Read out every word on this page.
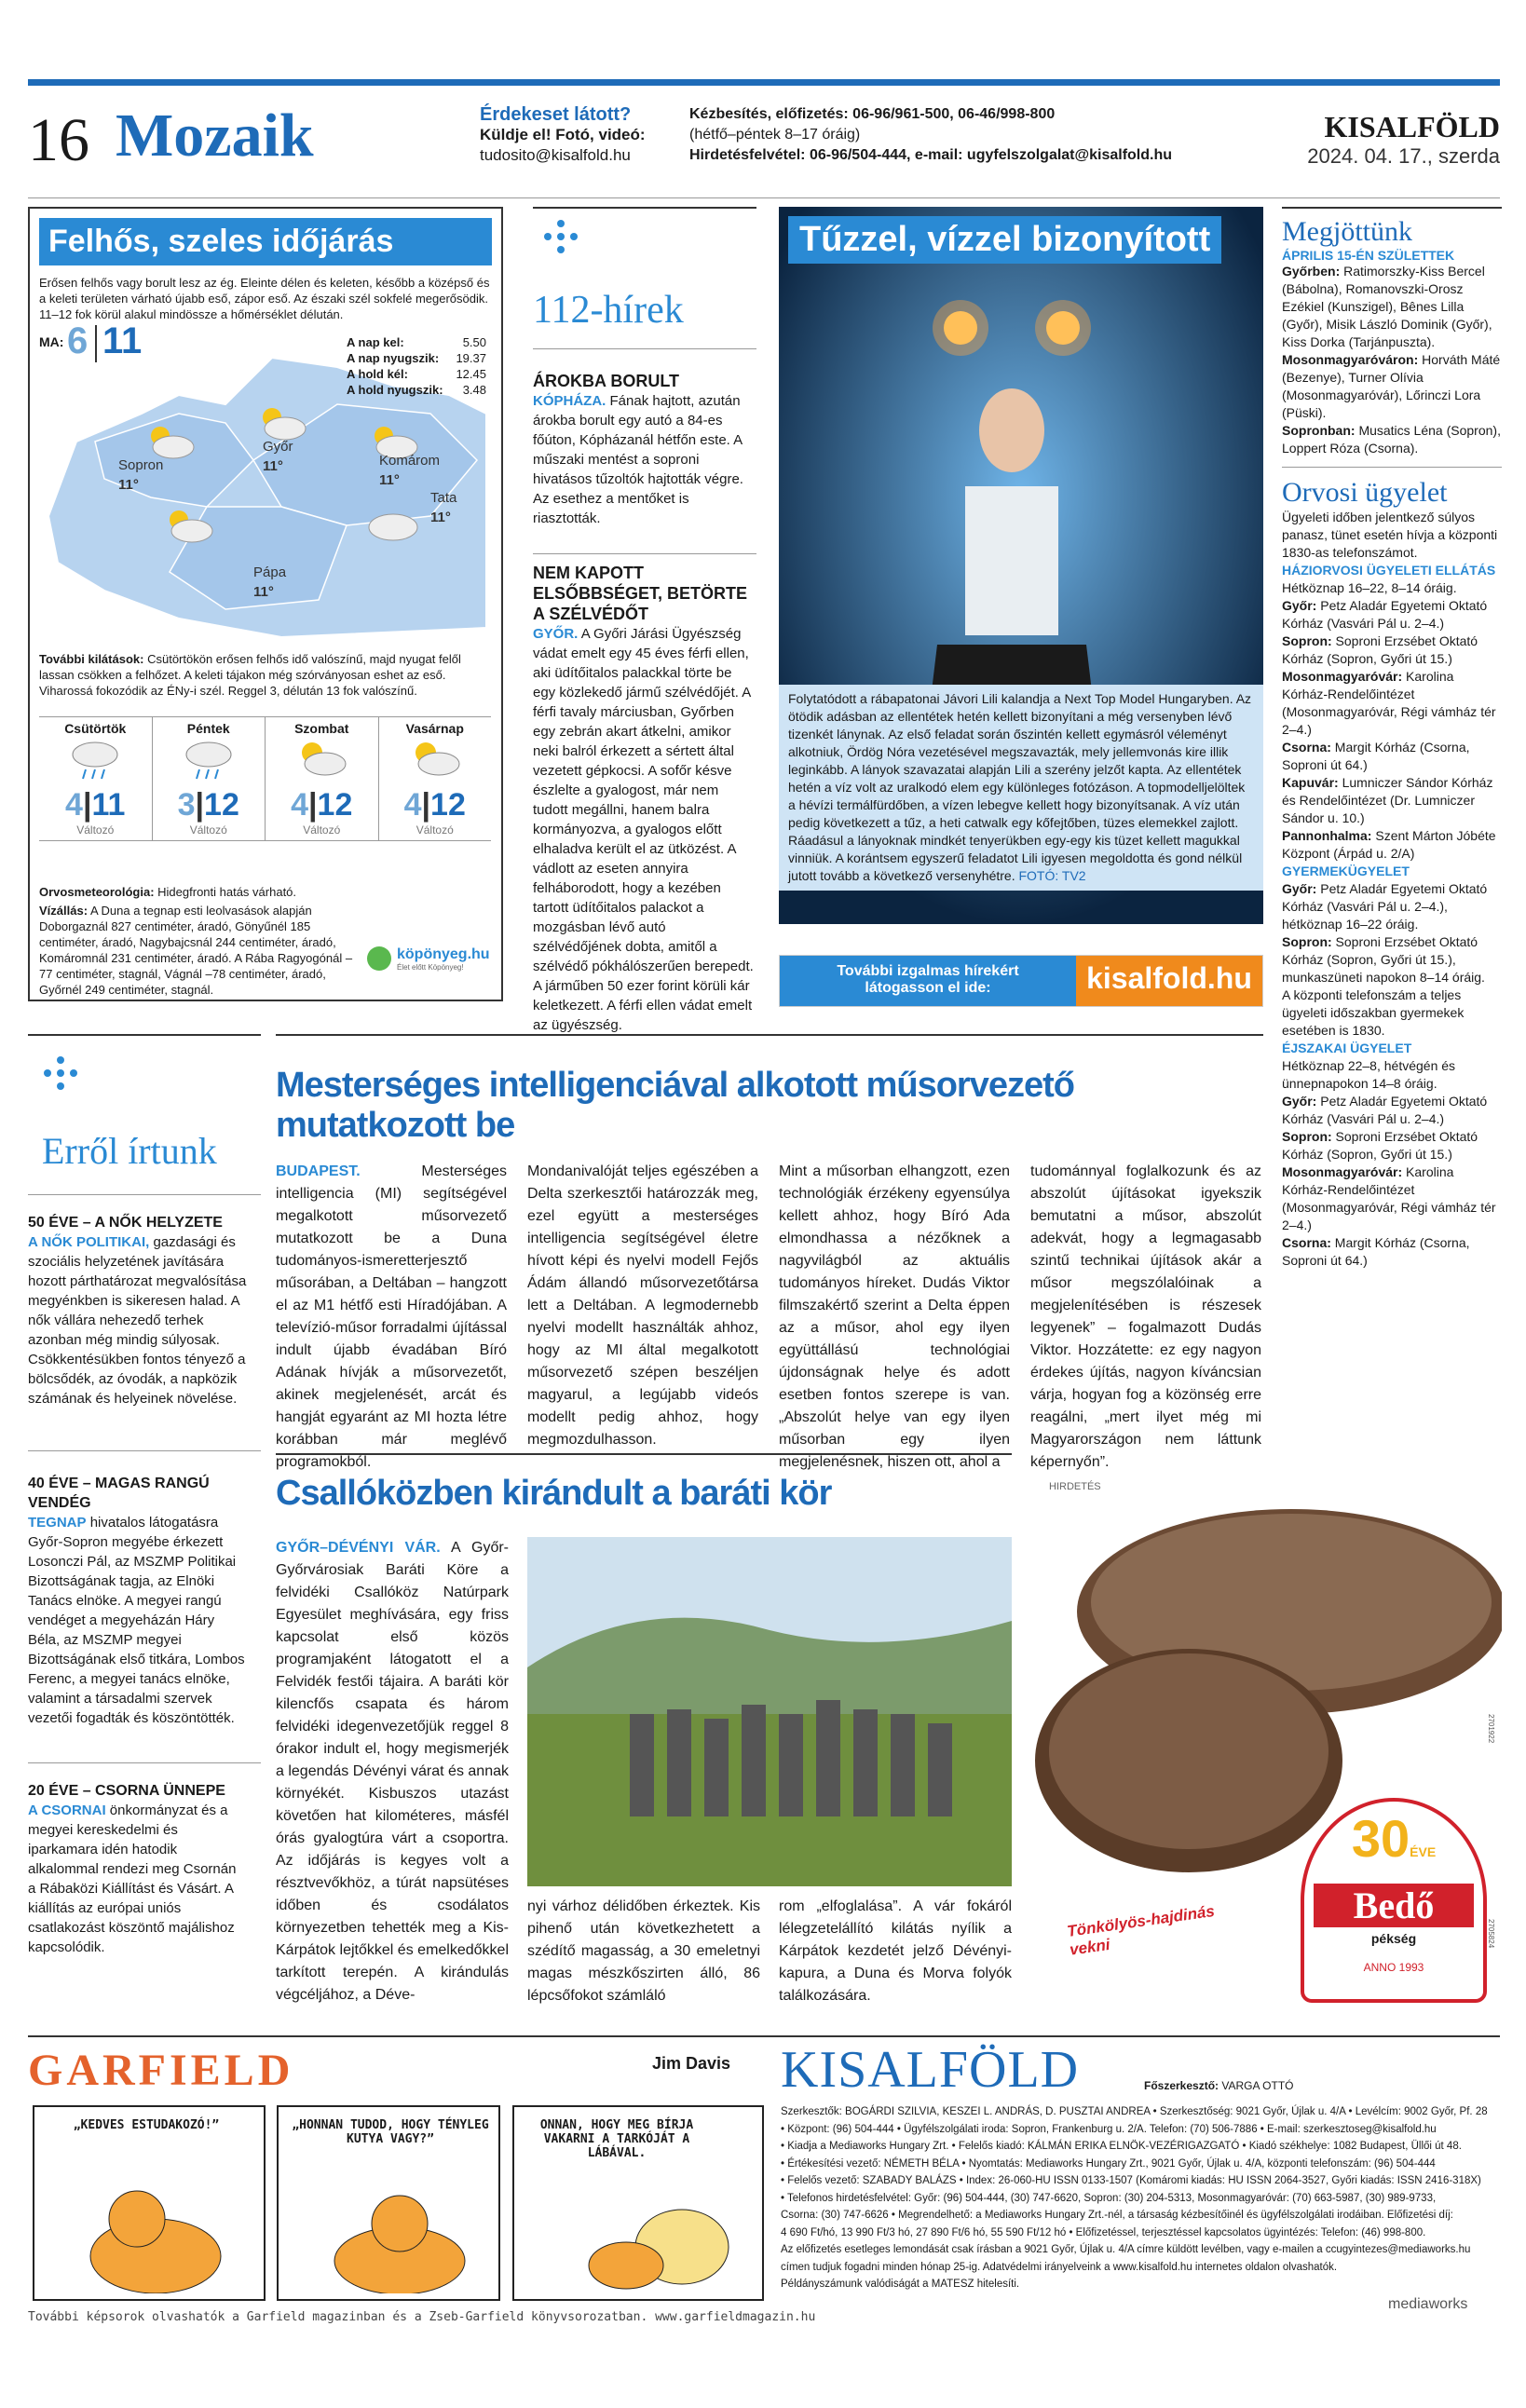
16 Mozaik	Érdekeset látott?
Küldje el! Fotó, videó:
tudosito@kisalfold.hu
Kézbesítés, előfizetés: 06-96/961-500, 06-46/998-800
(hétfő–péntek 8–17 óráig)
Hirdetésfelvétel: 06-96/504-444, e-mail: ugyfelszolgalat@kisalfold.hu
KISALFÖLD
2024. 04. 17., szerda
Felhős, szeles időjárás
Erősen felhős vagy borult lesz az ég. Eleinte délen és keleten, később a középső és a keleti területen várható újabb eső, zápor eső. Az északi szél sokfelé megerősödik. 11–12 fok körül alakul mindössze a hőmérséklet délután.
MA: 6 11	A nap kel:	5.50
A nap nyugszik: 19.37
A hold kél:	12.45
A hold nyugszik: 3.48
Sopron
11°
Győr
11°	Komárom
11°
Tata
11°
Pápa
11°
További kilátások: Csütörtökön erősen felhős idő valószínű, majd nyugat felől lassan csökken a felhőzet. A keleti tájakon még szórványosan eshet az eső. Viharossá fokozódik az ÉNy-i szél. Reggel 3, délután 13 fok valószínű.
Csütörtök
4|11
Változó
Péntek
3|12
Változó
Szombat
4|12
Változó
Vasárnap
4|12
Változó
Orvosmeteorológia: Hidegfronti hatás várható.
Vízállás: A Duna a tegnap esti leolvasások alapján Doborgaznál 827 centiméter, áradó, Gönyűnél 185 centiméter, áradó, Nagybajcsnál 244 centiméter, áradó, Komáromnál 231 centiméter, áradó. A Rába Ragyogónál –77 centiméter, stagnál, Vágnál –78 centiméter, áradó, Győrnél 249 centiméter, stagnál.
köpönyeg.hu
Élet előtt Köpönyeg!
112-hírek
ÁROKBA BORULT
KÓPHÁZA. Fának hajtott, azután árokba borult egy autó a 84-es főúton, Kópházanál hétfőn este. A műszaki mentést a soproni hivatásos tűzoltók hajtották végre. Az esethez a mentőket is riasztották.
NEM KAPOTT ELSŐBBSÉGET, BETÖRTE A SZÉLVÉDŐT
GYŐR. A Győri Járási Ügyészség vádat emelt egy 45 éves férfi ellen, aki üdítőitalos palackkal törte be egy közlekedő jármű szélvédőjét. A férfi tavaly márciusban, Győrben egy zebrán akart átkelni, amikor neki balról érkezett a sértett által vezetett gépkocsi. A sofőr késve észlelte a gyalogost, már nem tudott megállni, hanem balra kormányozva, a gyalogos előtt elhaladva került el az ütközést. A vádlott az eseten annyira felháborodott, hogy a kezében tartott üdítőitalos palackot a mozgásban lévő autó szélvédőjének dobta, amitől a szélvédő pókhálószerűen berepedt. A járműben 50 ezer forint körüli kár keletkezett. A férfi ellen vádat emelt az ügyészség.
Tűzzel, vízzel bizonyított
Folytatódott a rábapatonai Jávori Lili kalandja a Next Top Model Hungaryben. Az ötödik adásban az ellentétek hetén kellett bizonyítani a még versenyben lévő tizenkét lánynak. Az első feladat során őszintén kellett egymásról véleményt alkotniuk, Ördög Nóra vezetésével megszavazták, mely jellemvonás kire illik leginkább. A lányok szavazatai alapján Lili a szerény jelzőt kapta. Az ellentétek hetén a víz volt az uralkodó elem egy különleges fotózáson. A topmodelljelöltek a hévízi termálfürdőben, a vízen lebegve kellett hogy bizonyítsanak. A víz után pedig következett a tűz, a heti catwalk egy kőfejtőben, tüzes elemekkel zajlott. Ráadásul a lányoknak mindkét tenyerükben egy-egy kis tüzet kellett magukkal vinniük. A korántsem egyszerű feladatot Lili igyesen megoldotta és gond nélkül jutott tovább a következő versenyhétre. FOTÓ: TV2
További izgalmas hírekért
látogasson el ide:	kisalfold.hu
Megjöttünk
ÁPRILIS 15-ÉN SZÜLETTEK

Győrben: Ratimorszky-Kiss Bercel (Bábolna), Romanovszki-Orosz Ezékiel (Kunszigel), Bênes Lilla (Győr), Misik László Dominik (Győr), Kiss Dorka (Tarjánpuszta).

Mosonmagyaróváron: Horváth Máté (Bezenye), Turner Olívia (Mosonmagyaróvár), Lőrinczi Lora (Püski).

Sopronban: Musatics Léna (Sopron), Loppert Róza (Csorna).

Orvosi ügyelet

Ügyeleti időben jelentkező súlyos panasz, tünet esetén hívja a központi 1830-as telefonszámot.

HÁZIORVOSI ÜGYELETI ELLÁTÁS

Hétköznap 16–22, 8–14 óráig.

Győr: Petz Aladár Egyetemi Oktató Kórház (Vasvári Pál u. 2–4.)

Sopron: Soproni Erzsébet Oktató Kórház (Sopron, Győri út 15.)

Mosonmagyaróvár: Karolina Kórház-Rendelőintézet (Mosonmagyaróvár, Régi vámház tér 2–4.)

Csorna: Margit Kórház (Csorna, Soproni út 64.)

Kapuvár: Lumniczer Sándor Kórház és Rendelőintézet (Dr. Lumniczer Sándor u. 10.)

Pannonhalma: Szent Márton Jóbéte Központ (Árpád u. 2/A)

GYERMEKÜGYELET

Győr: Petz Aladár Egyetemi Oktató Kórház (Vasvári Pál u. 2–4.), hétköznap 16–22 óráig.

Sopron: Soproni Erzsébet Oktató Kórház (Sopron, Győri út 15.), munkaszüneti napokon 8–14 óráig.

A központi telefonszám a teljes ügyeleti időszakban gyermekek esetében is 1830.

ÉJSZAKAI ÜGYELET

Hétköznap 22–8, hétvégén és ünnepnapokon 14–8 óráig.

Győr: Petz Aladár Egyetemi Oktató Kórház (Vasvári Pál u. 2–4.)

Sopron: Soproni Erzsébet Oktató Kórház (Sopron, Győri út 15.)

Mosonmagyaróvár: Karolina Kórház-Rendelőintézet (Mosonmagyaróvár, Régi vámház tér 2–4.)

Csorna: Margit Kórház (Csorna, Soproni út 64.)

Erről írtunk
50 ÉVE – A NŐK HELYZETE

A NŐK POLITIKAI, gazdasági és szociális helyzetének javítására hozott párthatározat megvalósítása megyénkben is sikeresen halad. A nők vállára nehezedő terhek azonban még mindig súlyosak. Csökkentésükben fontos tényező a bölcsődék, az óvodák, a napközik számának és helyeinek növelése.

40 ÉVE – MAGAS RANGÚ VENDÉG

TEGNAP hivatalos látogatásra Győr-Sopron megyébe érkezett Losonczi Pál, az MSZMP Politikai Bizottságának tagja, az Elnöki Tanács elnöke. A megyei rangú vendéget a megyeházán Háry Béla, az MSZMP megyei Bizottságának első titkára, Lombos Ferenc, a megyei tanács elnöke, valamint a társadalmi szervek vezetői fogadták és köszöntötték.

20 ÉVE – CSORNA ÜNNEPE

A CSORNAI önkormányzat és a megyei kereskedelmi és iparkamara idén hatodik alkalommal rendezi meg Csornán a Rábaközi Kiállítást és Vásárt. A kiállítás az európai uniós csatlakozást köszöntő majálishoz kapcsolódik.

Mesterséges intelligenciával alkotott műsorvezető mutatkozott be
BUDAPEST.	Mesterséges intelligencia (MI) segítségével megalkotott műsorvezető mutatkozott be a Duna tudományos-ismeretterjesztő műsorában, a Deltában – hangzott el az M1 hétfő esti Híradójában. A televízió-műsor forradalmi újítással indult újabb évadában Bíró Adának hívják a műsorvezetőt, akinek megjelenését, arcát és hangját egyaránt az MI hozta létre korábban már meglévő programokból.
Mondanivalóját teljes egészében a Delta szerkesztői határozzák meg, ezel együtt a mesterséges intelligencia segítségével életre hívott képi és nyelvi modell Fejős Ádám állandó műsorvezetőtársa lett a Deltában. A legmodernebb nyelvi modellt használták ahhoz, hogy az MI által megalkotott műsorvezető szépen beszéljen magyarul, a legújabb videós modellt pedig ahhoz, hogy megmozdulhasson.
Mint a műsorban elhangzott, ezen technológiák érzékeny egyensúlya kellett ahhoz, hogy Bíró Ada elmondhassa a nézőknek a nagyvilágból az aktuális tudományos híreket. Dudás Viktor filmszakértő szerint a Delta éppen az a műsor, ahol egy ilyen együttállású technológiai újdonságnak helye és adott esetben fontos szerepe is van. „Abszolút helye van egy ilyen műsorban egy ilyen megjelenésnek, hiszen ott, ahol a
tudománnyal foglalkozunk és az abszolút újításokat igyekszik bemutatni a műsor, abszolút adekvát, hogy a legmagasabb szintű technikai újítások akár a műsor megszólalóinak a megjelenítésében is részesek legyenek” – fogalmazott Dudás Viktor. Hozzátette: ez egy nagyon érdekes újítás, nagyon kíváncsian várja, hogyan fog a közönség erre reagálni, „mert ilyet még mi Magyarországon nem láttunk képernyőn”.
Csallóközben kirándult a baráti kör
GYŐR–DÉVÉNYI VÁR. A Győr-Győrvárosiak Baráti Köre a felvidéki Csallóköz Natúrpark Egyesület meghívására, egy friss kapcsolat első közös programjaként látogatott el a Felvidék festői tájaira. A baráti kör kilencfős csapata és három felvidéki idegenvezetőjük reggel 8 órakor indult el, hogy megismerjék a legendás Dévényi várat és annak környékét. Kisbuszos utazást követően hat kilométeres, másfél órás gyalogtúra várt a csoportra. Az időjárás is kegyes volt a résztvevőkhöz, a túrát napsütéses időben és csodálatos környezetben tehették meg a Kis-Kárpátok lejtőkkel és emelkedőkkel tarkított terepén. A kirándulás végcéljához, a Déve-
nyi várhoz délidőben érkeztek. Kis pihenő után következhetett a szédítő magasság, a 30 emeletnyi magas mészkőszirten álló, 86 lépcsőfokot számláló
rom „elfoglalása”. A vár fokáról lélegzetelállító kilátás nyílik a Kárpátok kezdetét jelző Dévényi-kapura, a Duna és Morva folyók találkozására.
HIRDETÉS
30ÉVE
Bedő
pékség
ANNO 1993
Tönkölyös-hajdinás vekni
2701922
2705824
GARFIELD	Jim Davis
„KEDVES ESTUDAKOZÓ!”	„HONNAN TUDOD, HOGY TÉNYLEG KUTYA VAGY?”
ONNAN, HOGY MEG BÍRJA VAKARNI A TARKÓJÁT A LÁBÁVAL.
További képsorok olvashatók a Garfield magazinban és a Zseb-Garfield könyvsorozatban. www.garfieldmagazin.hu
KISALFÖLD	Főszerkesztő: VARGA OTTÓ
Szerkesztők: BOGÁRDI SZILVIA, KESZEI L. ANDRÁS, D. PUSZTAI ANDREA • Szerkesztőség: 9021 Győr, Újlak u. 4/A • Levélcím: 9002 Győr, Pf. 28
• Központ: (96) 504-444 • Ügyfélszolgálati iroda: Sopron, Frankenburg u. 2/A. Telefon: (70) 506-7886 • E-mail: szerkesztoseg@kisalfold.hu
• Kiadja a Mediaworks Hungary Zrt. • Felelős kiadó: KÁLMÁN ERIKA ELNÖK-VEZÉRIGAZGATÓ • Kiadó székhelye: 1082 Budapest, Üllői út 48.
• Értékesítési vezető: NÉMETH BÉLA • Nyomtatás: Mediaworks Hungary Zrt., 9021 Győr, Újlak u. 4/A, központi telefonszám: (96) 504-444
• Felelős vezető: SZABADY BALÁZS • Index: 26-060-HU ISSN 0133-1507 (Komáromi kiadás: HU ISSN 2064-3527, Győri kiadás: ISSN 2416-318X)
• Telefonos hirdetésfelvétel: Győr: (96) 504-444, (30) 747-6620, Sopron: (30) 204-5313, Mosonmagyaróvár: (70) 663-5987, (30) 989-9733,
Csorna: (30) 747-6626 • Megrendelhető: a Mediaworks Hungary Zrt.-nél, a társaság kézbesítőinél és ügyfélszolgálati irodáiban. Előfizetési díj:
4 690 Ft/hó, 13 990 Ft/3 hó, 27 890 Ft/6 hó, 55 590 Ft/12 hó • Előfizetéssel, terjesztéssel kapcsolatos ügyintézés: Telefon: (46) 998-800.
Az előfizetés esetleges lemondását csak írásban a 9021 Győr, Újlak u. 4/A címre küldött levélben, vagy e-mailen a ccugyintezes@mediaworks.hu
címen tudjuk fogadni minden hónap 25-ig. Adatvédelmi irányelveink a www.kisalfold.hu internetes oldalon olvashatók.
Példányszámunk valódiságát a MATESZ hitelesíti.
mediaworks
